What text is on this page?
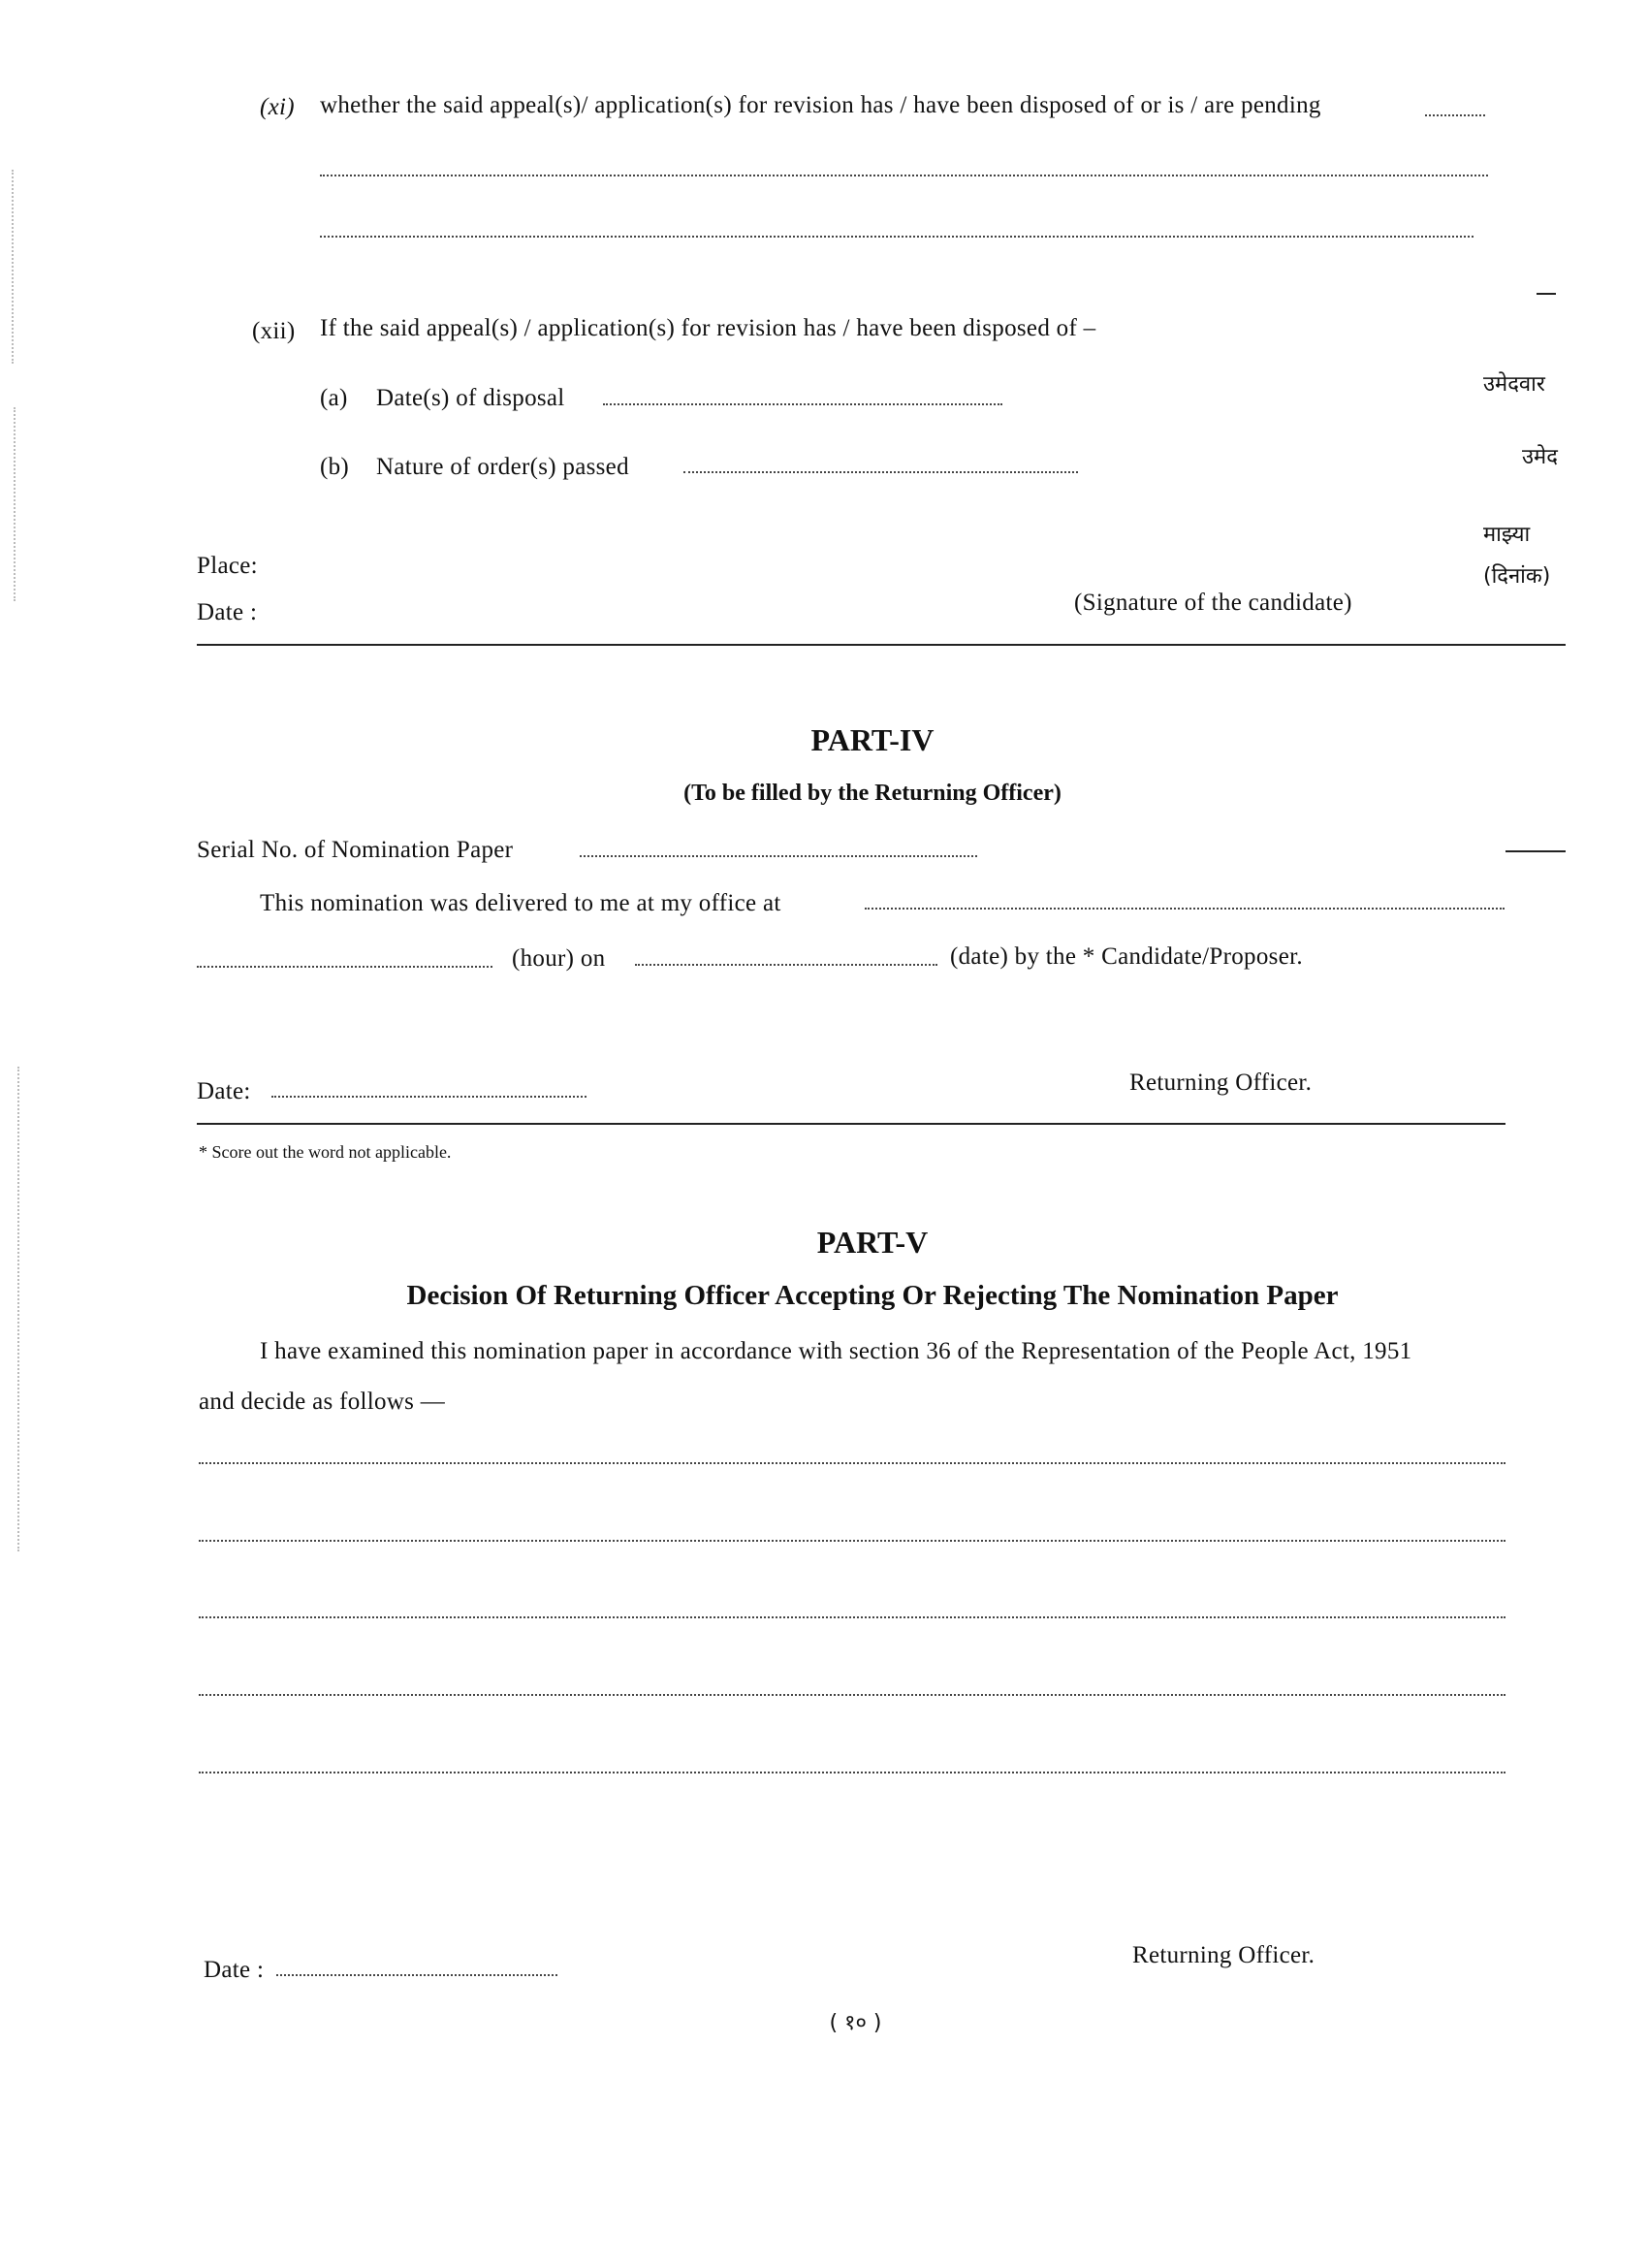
(xi) whether the said appeal(s)/ application(s) for revision has / have been disposed of or is / are pending
(xii) If the said appeal(s) / application(s) for revision has / have been disposed of –
(a) Date(s) of disposal
(b) Nature of order(s) passed
उमेदवार
उमेद
माझ्या
(दिनांक)
Place:
Date :	(Signature of the candidate)
PART-IV
(To be filled by the Returning Officer)
Serial No. of Nomination Paper
This nomination was delivered to me at my office at
(hour) on	(date) by the * Candidate/Proposer.
Date:	Returning Officer.
* Score out the word not applicable.
PART-V
Decision Of Returning Officer Accepting Or Rejecting The Nomination Paper
I have examined this nomination paper in accordance with section 36 of the Representation of the People Act, 1951
and decide as follows —
Date :
Returning Officer.
( १० )
